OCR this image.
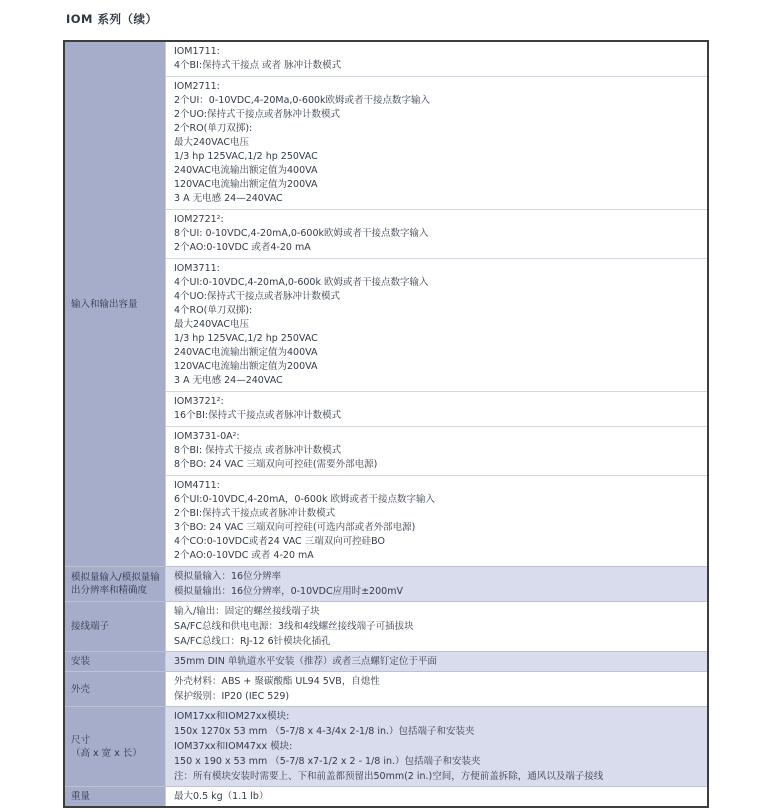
IOM 系列（续）
输入和输出容量
IOM1711:
4个BI:保持式干接点 或者 脉冲计数模式
IOM2711:
2个UI：0-10VDC,4-20Ma,0-600k欧姆或者干接点数字输入
2个UO:保持式干接点或者脉冲计数模式
2个RO(单刀双掷):
最大240VAC电压
1/3 hp 125VAC,1/2 hp 250VAC
240VAC电流输出额定值为400VA
120VAC电流输出额定值为200VA
3 A 无电感 24—240VAC
IOM2721²:
8个UI: 0-10VDC,4-20mA,0-600k欧姆或者干接点数字输入
2个AO:0-10VDC 或者4-20 mA
IOM3711:
4个UI:0-10VDC,4-20mA,0-600k 欧姆或者干接点数字输入
4个UO:保持式干接点或者脉冲计数模式
4个RO(单刀双掷):
最大240VAC电压
1/3 hp 125VAC,1/2 hp 250VAC
240VAC电流输出额定值为400VA
120VAC电流输出额定值为200VA
3 A 无电感 24—240VAC
IOM3721²:
16个BI:保持式干接点或者脉冲计数模式
IOM3731-0A²:
8个BI: 保持式干接点 或者脉冲计数模式
8个BO: 24 VAC 三端双向可控硅(需要外部电源)
IOM4711:
6个UI:0-10VDC,4-20mA，0-600k 欧姆或者干接点数字输入
2个BI:保持式干接点或者脉冲计数模式
3个BO: 24 VAC 三端双向可控硅(可选内部或者外部电源)
4个CO:0-10VDC或者24 VAC 三端双向可控硅BO
2个AO:0-10VDC 或者 4-20 mA
模拟量输入/模拟量输
出分辨率和精确度
模拟量输入：16位分辨率
模拟量输出：16位分辨率，0-10VDC应用时±200mV
接线端子
输入/输出：固定的螺丝接线端子块
SA/FC总线和供电电源：3线和4线螺丝接线端子可插拔块
SA/FC总线口：RJ-12 6针模块化插孔
安装	35mm DIN 单轨道水平安装（推荐）或者三点螺钉定位于平面
外壳
外壳材料：ABS + 聚碳酸酯 UL94 5VB，自熄性
保护级别：IP20 (IEC 529)
尺寸
（高 x 宽 x 长）
IOM17xx和IOM27xx模块:
150x 1270x 53 mm （5-7/8 x 4-3/4x 2-1/8 in.）包括端子和安装夹
IOM37xx和IOM47xx 模块:
150 x 190 x 53 mm （5-7/8 x7-1/2 x 2 - 1/8 in.）包括端子和安装夹
注：所有模块安装时需要上、下和前盖都预留出50mm(2 in.)空间，方便前盖拆除，通风以及端子接线
重量	最大0.5 kg（1.1 lb）
